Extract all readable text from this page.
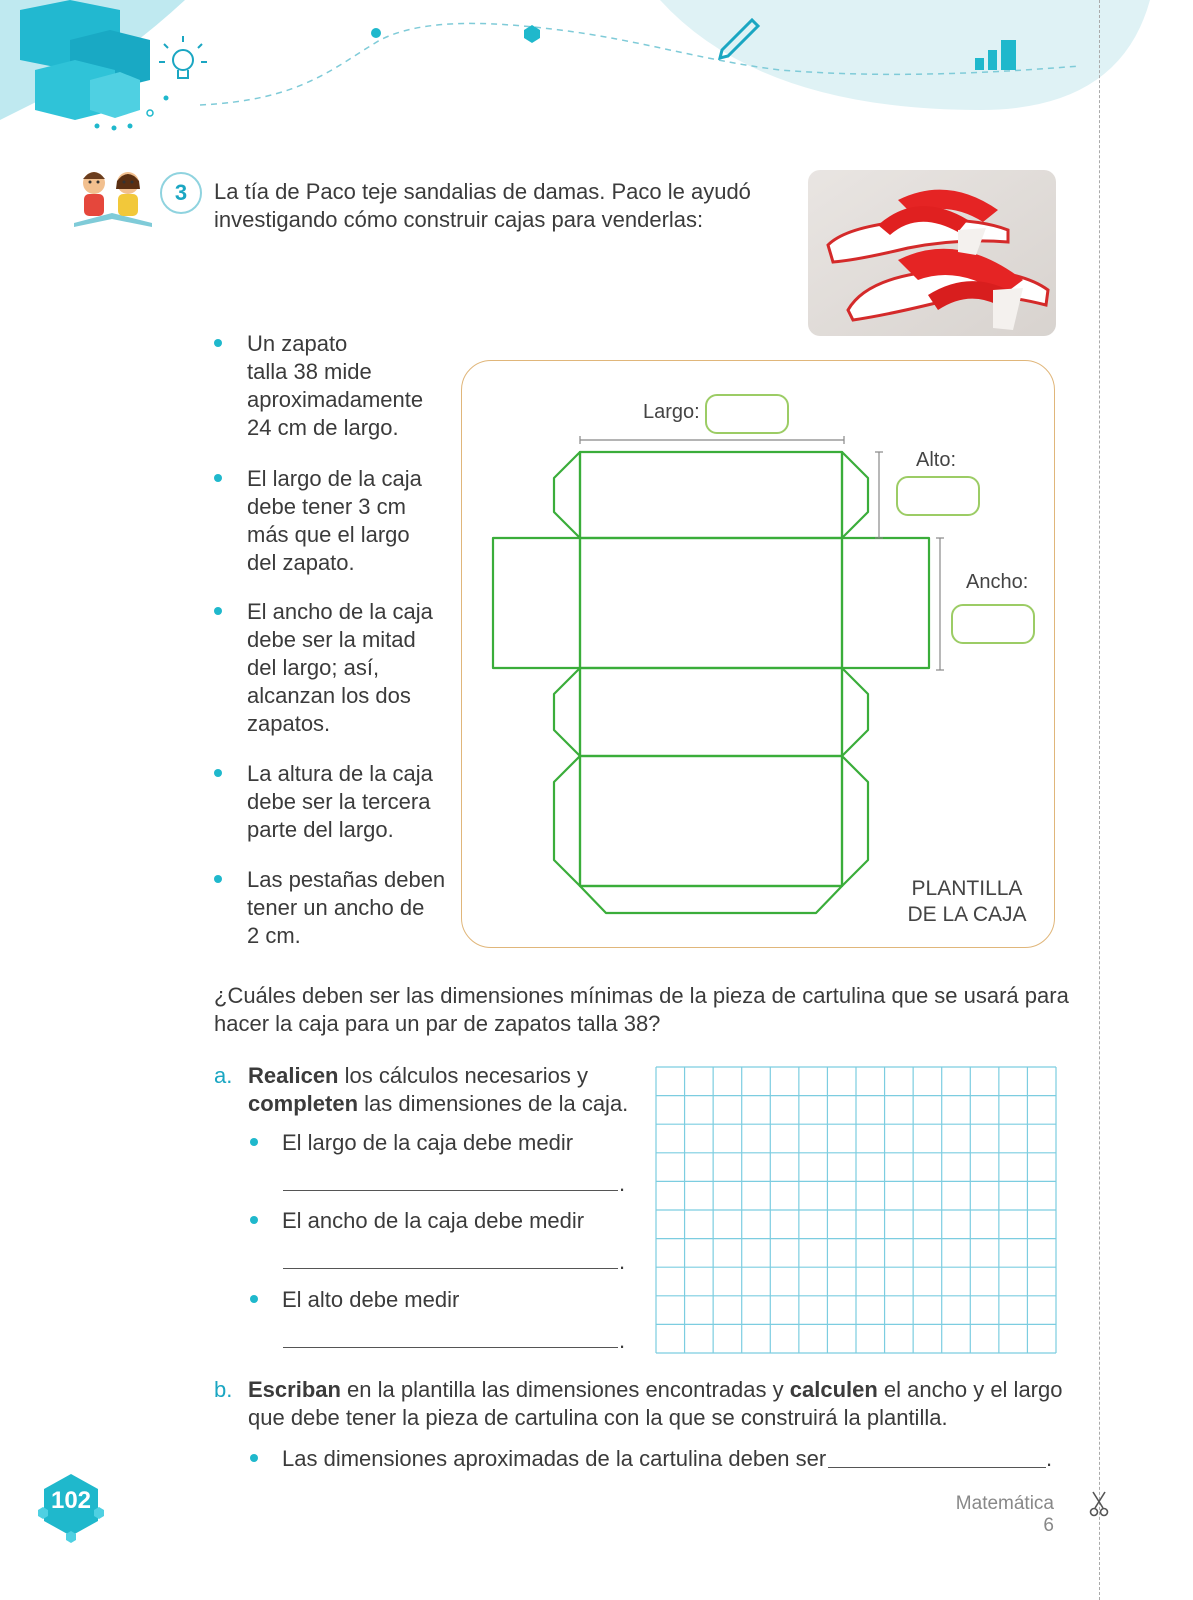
3	La tía de Paco teje sandalias de damas. Paco le ayudó
investigando cómo construir cajas para venderlas:
Un zapato
talla 38 mide
aproximadamente
24 cm de largo.
El largo de la caja
debe tener 3 cm
más que el largo
del zapato.
El ancho de la caja
debe ser la mitad
del largo; así,
alcanzan los dos
zapatos.
La altura de la caja
debe ser la tercera
parte del largo.
Las pestañas deben
tener un ancho de
2 cm.
Largo:
Alto:
Ancho:
PLANTILLA
DE LA CAJA
¿Cuáles deben ser las dimensiones mínimas de la pieza de cartulina que se usará para
hacer la caja para un par de zapatos talla 38?
a. Realicen los cálculos necesarios y
completen las dimensiones de la caja.
El largo de la caja debe medir
.
El ancho de la caja debe medir
.
El alto debe medir
.
b. Escriban en la plantilla las dimensiones encontradas y calculen el ancho y el largo
que debe tener la pieza de cartulina con la que se construirá la plantilla.
Las dimensiones aproximadas de la cartulina deben ser	.
102	Matemática 6
